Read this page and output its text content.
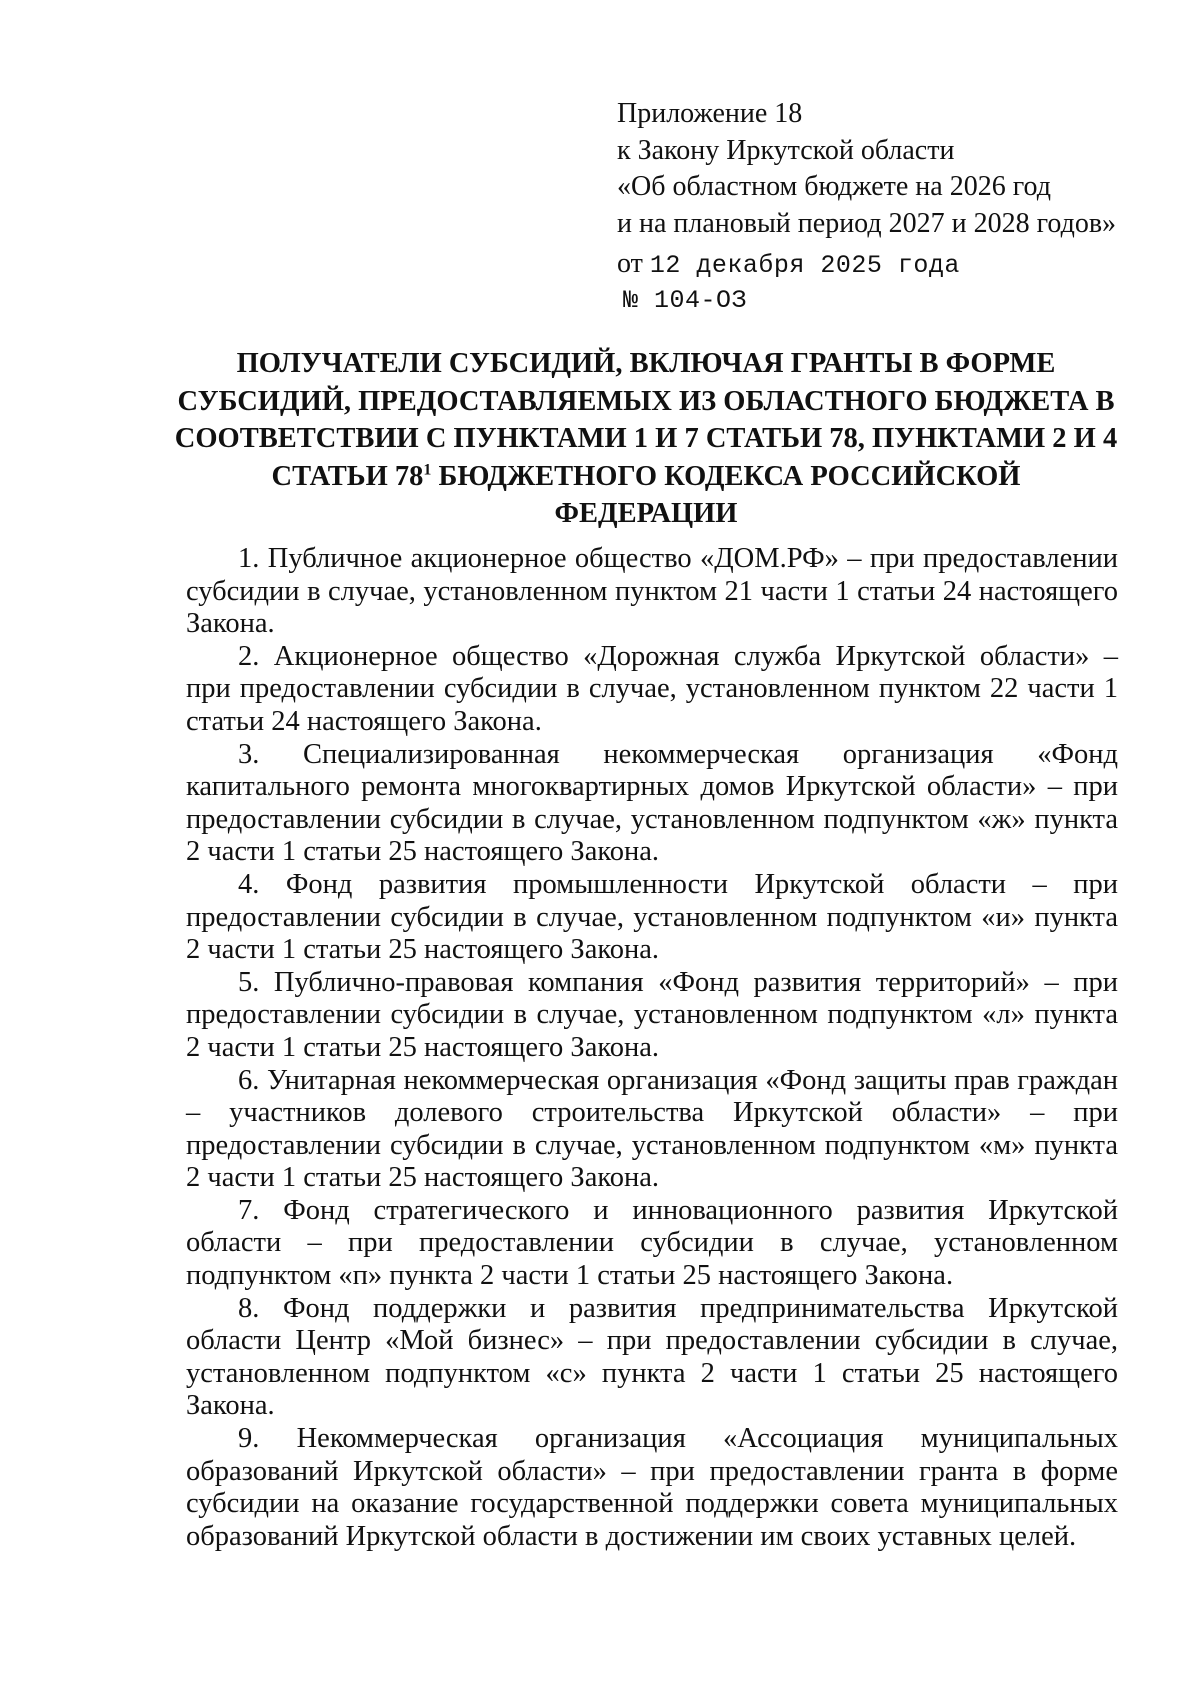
Приложение 18
к Закону Иркутской области
«Об областном бюджете на 2026 год
и на плановый период 2027 и 2028 годов»
от 12 декабря 2025 года
№ 104-ОЗ
ПОЛУЧАТЕЛИ СУБСИДИЙ, ВКЛЮЧАЯ ГРАНТЫ В ФОРМЕ
СУБСИДИЙ, ПРЕДОСТАВЛЯЕМЫХ ИЗ ОБЛАСТНОГО БЮДЖЕТА В
СООТВЕТСТВИИ С ПУНКТАМИ 1 И 7 СТАТЬИ 78, ПУНКТАМИ 2 И 4
СТАТЬИ $78^1$ БЮДЖЕТНОГО КОДЕКСА РОССИЙСКОЙ
ФЕДЕРАЦИИ

1. Публичное акционерное общество «ДОМ.РФ» – при предоставлении субсидии в случае, установленном пунктом 21 части 1 статьи 24 настоящего Закона.

2. Акционерное общество «Дорожная служба Иркутской области» – при предоставлении субсидии в случае, установленном пунктом 22 части 1 статьи 24 настоящего Закона.

3. Специализированная некоммерческая организация «Фонд капитального ремонта многоквартирных домов Иркутской области» – при предоставлении субсидии в случае, установленном подпунктом «ж» пункта 2 части 1 статьи 25 настоящего Закона.

4. Фонд развития промышленности Иркутской области – при предоставлении субсидии в случае, установленном подпунктом «и» пункта 2 части 1 статьи 25 настоящего Закона.

5. Публично-правовая компания «Фонд развития территорий» – при предоставлении субсидии в случае, установленном подпунктом «л» пункта 2 части 1 статьи 25 настоящего Закона.

6. Унитарная некоммерческая организация «Фонд защиты прав граждан – участников долевого строительства Иркутской области» – при предоставлении субсидии в случае, установленном подпунктом «м» пункта 2 части 1 статьи 25 настоящего Закона.

7. Фонд стратегического и инновационного развития Иркутской области – при предоставлении субсидии в случае, установленном подпунктом «п» пункта 2 части 1 статьи 25 настоящего Закона.

8. Фонд поддержки и развития предпринимательства Иркутской области Центр «Мой бизнес» – при предоставлении субсидии в случае, установленном подпунктом «с» пункта 2 части 1 статьи 25 настоящего Закона.

9. Некоммерческая организация «Ассоциация муниципальных образований Иркутской области» – при предоставлении гранта в форме субсидии на оказание государственной поддержки совета муниципальных образований Иркутской области в достижении им своих уставных целей.
